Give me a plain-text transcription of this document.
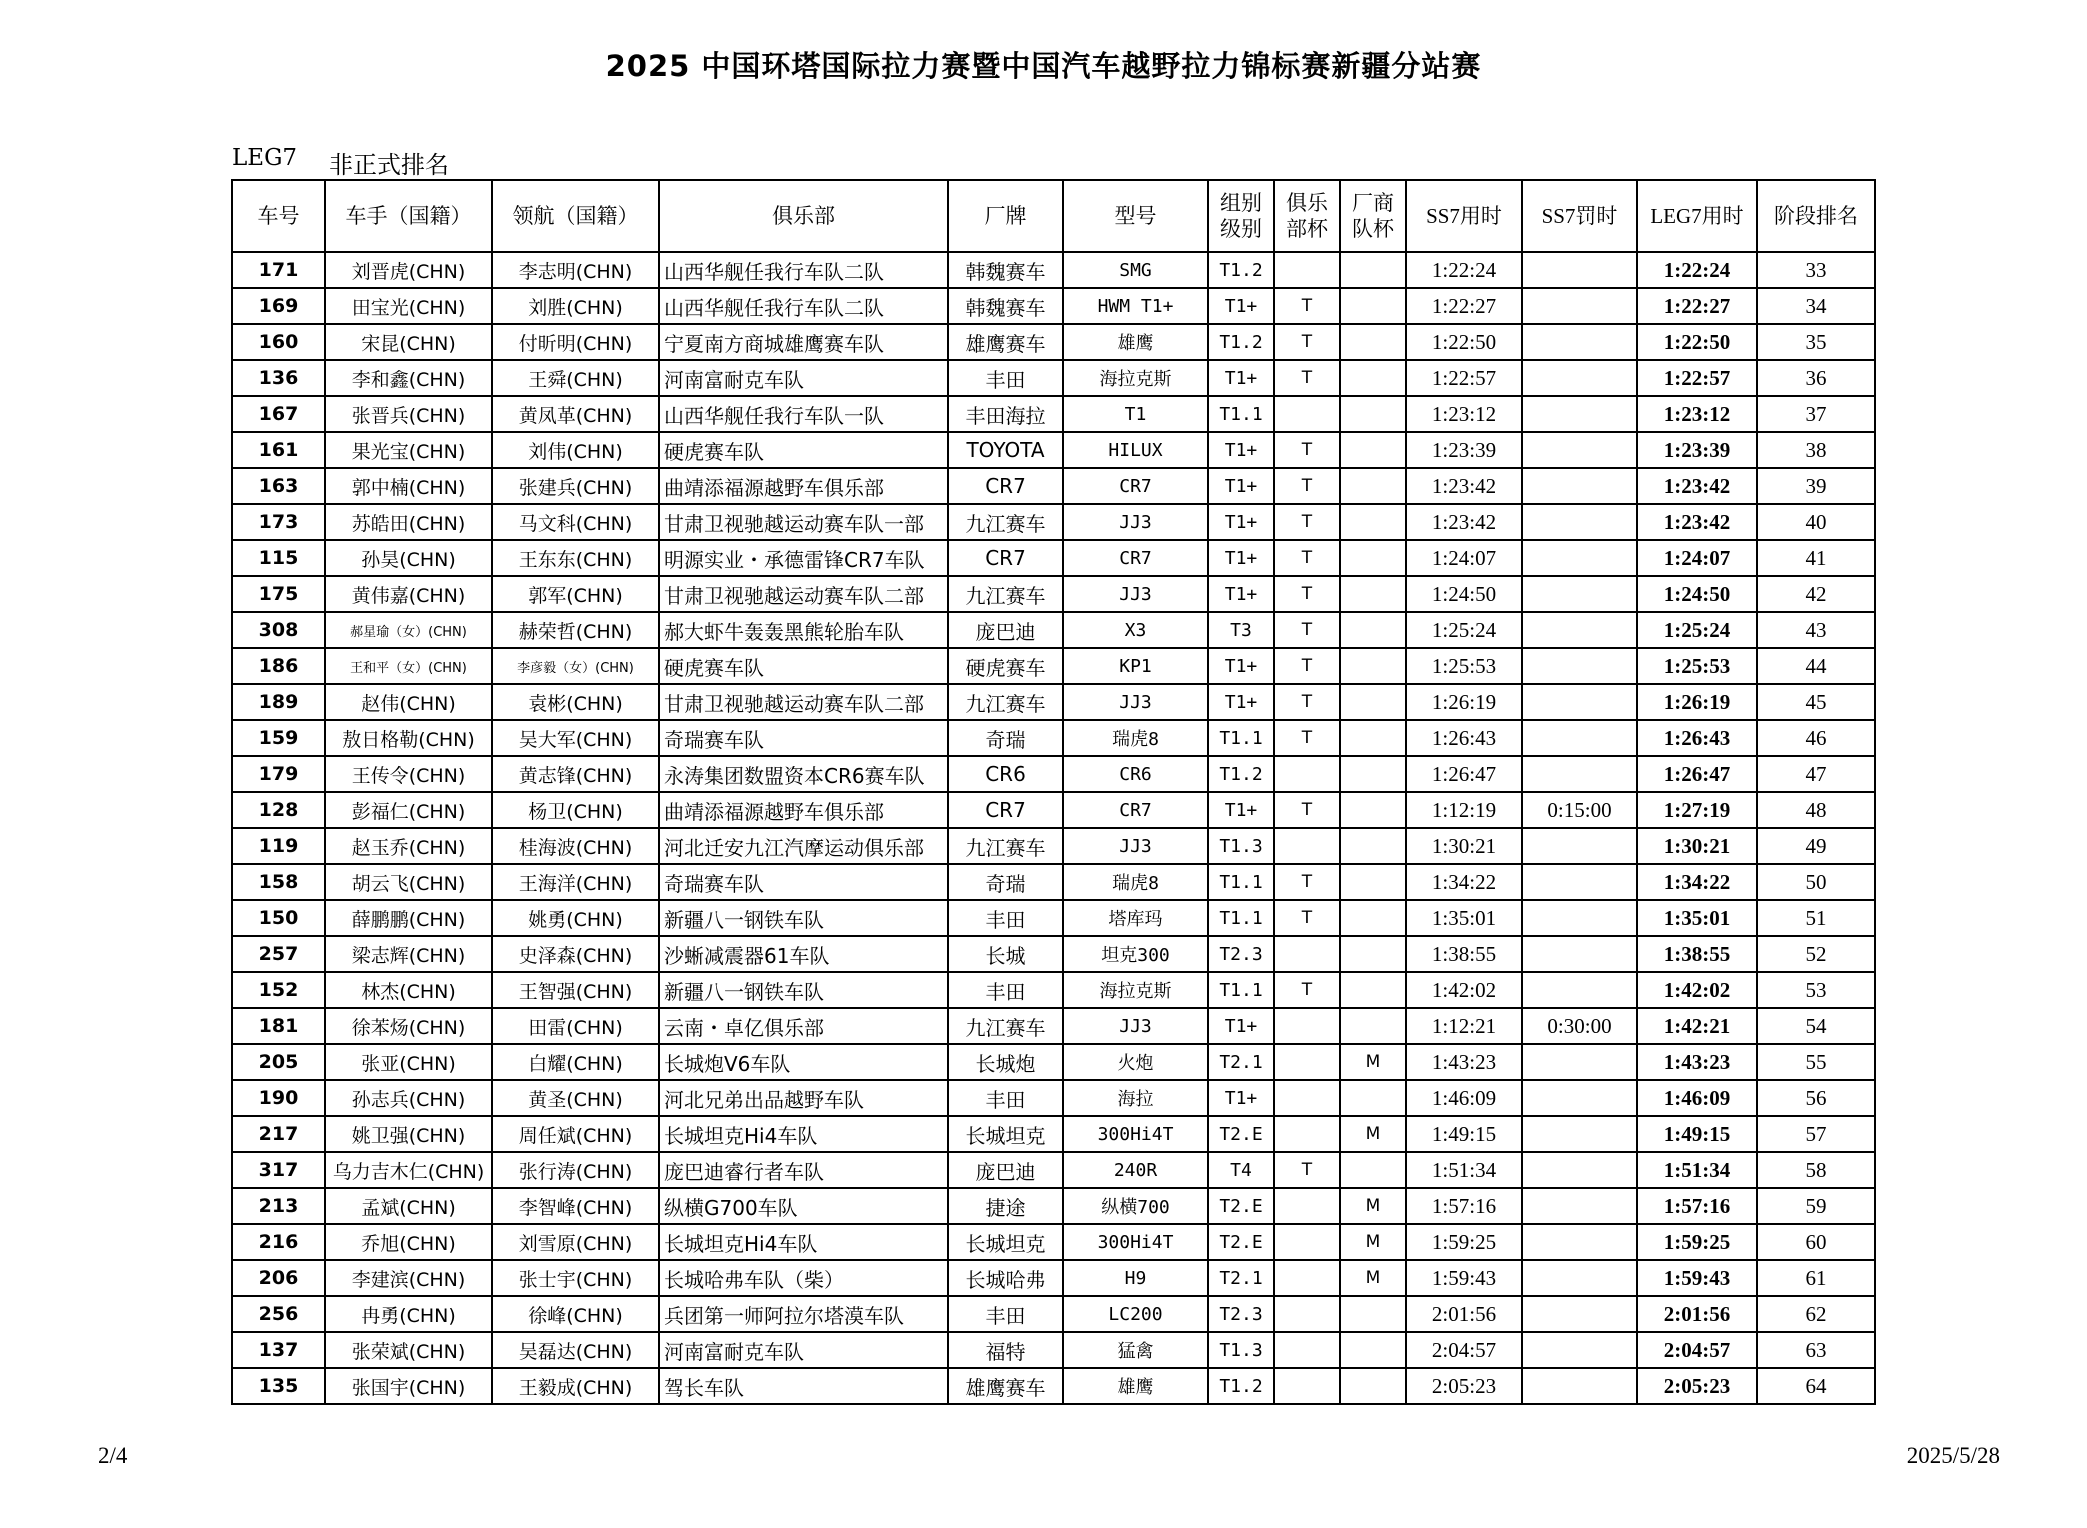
2025 中国环塔国际拉力赛暨中国汽车越野拉力锦标赛新疆分站赛
LEG7 非正式排名
车号	车手（国籍）	领航（国籍）	俱乐部	厂牌	型号	组别级别	俱乐部杯	厂商队杯	SS7用时	SS7罚时	LEG7用时	阶段排名
171	刘晋虎(CHN)	李志明(CHN)	山西华舰任我行车队二队	韩魏赛车	SMG	T1.2			1:22:24		1:22:24	33
169	田宝光(CHN)	刘胜(CHN)	山西华舰任我行车队二队	韩魏赛车	HWM T1+	T1+	T		1:22:27		1:22:27	34
160	宋昆(CHN)	付昕明(CHN)	宁夏南方商城雄鹰赛车队	雄鹰赛车	雄鹰	T1.2	T		1:22:50		1:22:50	35
136	李和鑫(CHN)	王舜(CHN)	河南富耐克车队	丰田	海拉克斯	T1+	T		1:22:57		1:22:57	36
167	张晋兵(CHN)	黄凤革(CHN)	山西华舰任我行车队一队	丰田海拉	T1	T1.1			1:23:12		1:23:12	37
161	果光宝(CHN)	刘伟(CHN)	硬虎赛车队	TOYOTA	HILUX	T1+	T		1:23:39		1:23:39	38
163	郭中楠(CHN)	张建兵(CHN)	曲靖添福源越野车俱乐部	CR7	CR7	T1+	T		1:23:42		1:23:42	39
173	苏皓田(CHN)	马文科(CHN)	甘肃卫视驰越运动赛车队一部	九江赛车	JJ3	T1+	T		1:23:42		1:23:42	40
115	孙昊(CHN)	王东东(CHN)	明源实业・承德雷锋CR7车队	CR7	CR7	T1+	T		1:24:07		1:24:07	41
175	黄伟嘉(CHN)	郭军(CHN)	甘肃卫视驰越运动赛车队二部	九江赛车	JJ3	T1+	T		1:24:50		1:24:50	42
308	郝星瑜（女）(CHN)	赫荣哲(CHN)	郝大虾牛轰轰黑熊轮胎车队	庞巴迪	X3	T3	T		1:25:24		1:25:24	43
186	王和平（女）(CHN)	李彦毅（女）(CHN)	硬虎赛车队	硬虎赛车	KP1	T1+	T		1:25:53		1:25:53	44
189	赵伟(CHN)	袁彬(CHN)	甘肃卫视驰越运动赛车队二部	九江赛车	JJ3	T1+	T		1:26:19		1:26:19	45
159	敖日格勒(CHN)	吴大军(CHN)	奇瑞赛车队	奇瑞	瑞虎8	T1.1	T		1:26:43		1:26:43	46
179	王传令(CHN)	黄志锋(CHN)	永涛集团数盟资本CR6赛车队	CR6	CR6	T1.2			1:26:47		1:26:47	47
128	彭福仁(CHN)	杨卫(CHN)	曲靖添福源越野车俱乐部	CR7	CR7	T1+	T		1:12:19	0:15:00	1:27:19	48
119	赵玉乔(CHN)	桂海波(CHN)	河北迁安九江汽摩运动俱乐部	九江赛车	JJ3	T1.3			1:30:21		1:30:21	49
158	胡云飞(CHN)	王海洋(CHN)	奇瑞赛车队	奇瑞	瑞虎8	T1.1	T		1:34:22		1:34:22	50
150	薛鹏鹏(CHN)	姚勇(CHN)	新疆八一钢铁车队	丰田	塔库玛	T1.1	T		1:35:01		1:35:01	51
257	梁志辉(CHN)	史泽森(CHN)	沙蜥减震器61车队	长城	坦克300	T2.3			1:38:55		1:38:55	52
152	林杰(CHN)	王智强(CHN)	新疆八一钢铁车队	丰田	海拉克斯	T1.1	T		1:42:02		1:42:02	53
181	徐苯炀(CHN)	田雷(CHN)	云南・卓亿俱乐部	九江赛车	JJ3	T1+			1:12:21	0:30:00	1:42:21	54
205	张亚(CHN)	白耀(CHN)	长城炮V6车队	长城炮	火炮	T2.1		M	1:43:23		1:43:23	55
190	孙志兵(CHN)	黄圣(CHN)	河北兄弟出品越野车队	丰田	海拉	T1+			1:46:09		1:46:09	56
217	姚卫强(CHN)	周任斌(CHN)	长城坦克Hi4车队	长城坦克	300Hi4T	T2.E		M	1:49:15		1:49:15	57
317	乌力吉木仁(CHN)	张行涛(CHN)	庞巴迪睿行者车队	庞巴迪	240R	T4	T		1:51:34		1:51:34	58
213	孟斌(CHN)	李智峰(CHN)	纵横G700车队	捷途	纵横700	T2.E		M	1:57:16		1:57:16	59
216	乔旭(CHN)	刘雪原(CHN)	长城坦克Hi4车队	长城坦克	300Hi4T	T2.E		M	1:59:25		1:59:25	60
206	李建滨(CHN)	张士宇(CHN)	长城哈弗车队（柴）	长城哈弗	H9	T2.1		M	1:59:43		1:59:43	61
256	冉勇(CHN)	徐峰(CHN)	兵团第一师阿拉尔塔漠车队	丰田	LC200	T2.3			2:01:56		2:01:56	62
137	张荣斌(CHN)	吴磊达(CHN)	河南富耐克车队	福特	猛禽	T1.3			2:04:57		2:04:57	63
135	张国宇(CHN)	王毅成(CHN)	驾长车队	雄鹰赛车	雄鹰	T1.2			2:05:23		2:05:23	64
2/4	2025/5/28
